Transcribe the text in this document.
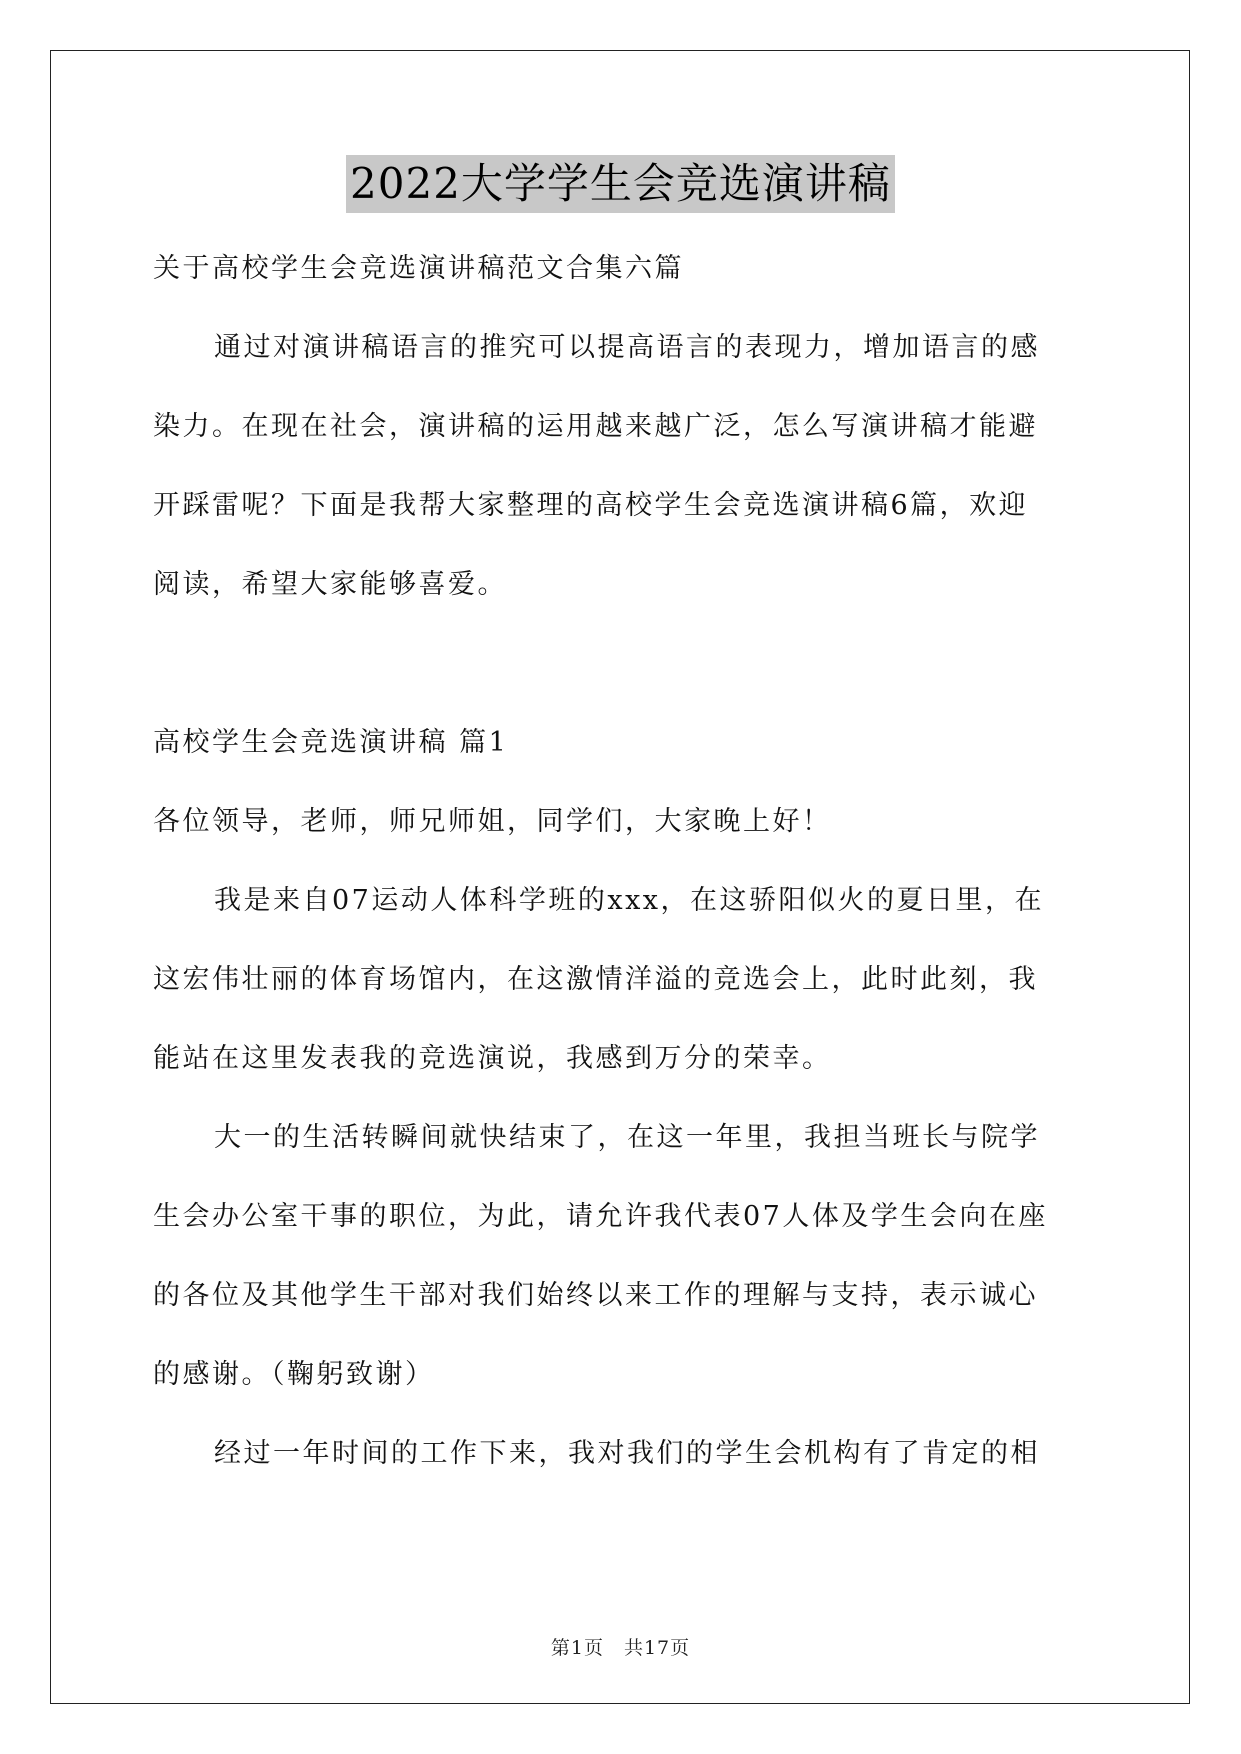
2022大学学生会竞选演讲稿
关于高校学生会竞选演讲稿范文合集六篇
通过对演讲稿语言的推究可以提高语言的表现力，增加语言的感
染力。在现在社会，演讲稿的运用越来越广泛，怎么写演讲稿才能避
开踩雷呢？下面是我帮大家整理的高校学生会竞选演讲稿6篇，欢迎
阅读，希望大家能够喜爱。
高校学生会竞选演讲稿 篇1
各位领导，老师，师兄师姐，同学们，大家晚上好！
我是来自07运动人体科学班的xxx，在这骄阳似火的夏日里，在
这宏伟壮丽的体育场馆内，在这激情洋溢的竞选会上，此时此刻，我
能站在这里发表我的竞选演说，我感到万分的荣幸。
大一的生活转瞬间就快结束了，在这一年里，我担当班长与院学
生会办公室干事的职位，为此，请允许我代表07人体及学生会向在座
的各位及其他学生干部对我们始终以来工作的理解与支持，表示诚心
的感谢。（鞠躬致谢）
经过一年时间的工作下来，我对我们的学生会机构有了肯定的相
第1页　共17页
